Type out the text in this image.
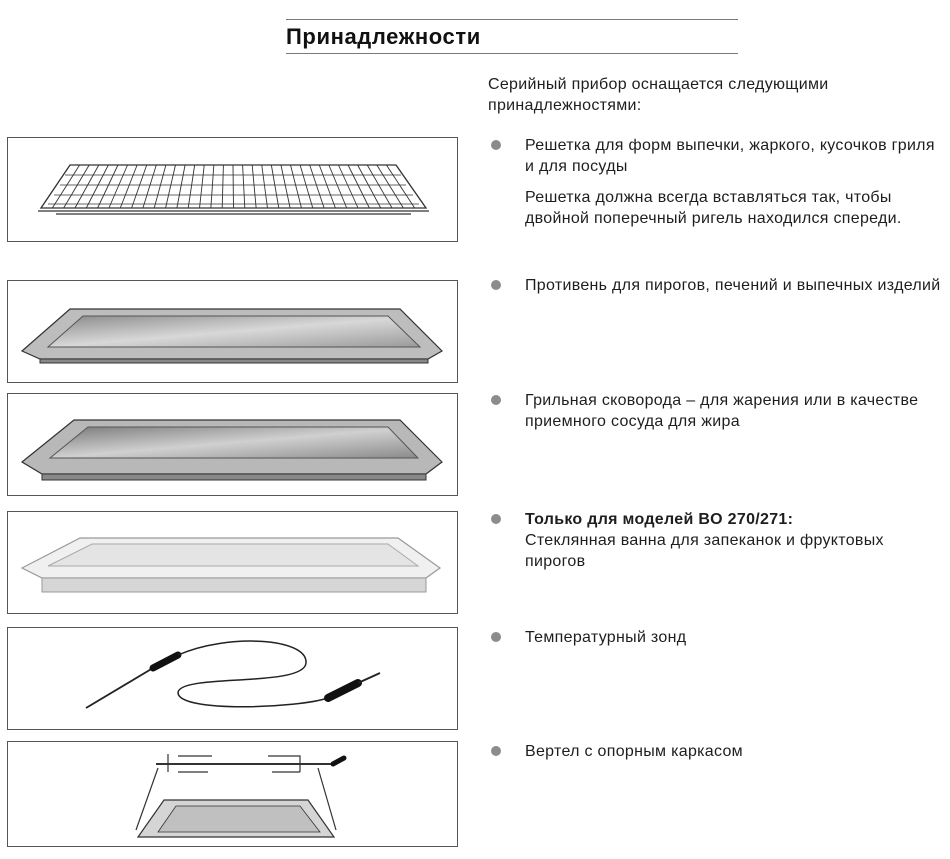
Принадлежности
Серийный прибор оснащается следующими принадлежностями:

Решетка для форм выпечки, жаркого, кусочков гриля и для посуды

Решетка должна всегда вставляться так, чтобы двойной поперечный ригель находился спереди.

Противень для пирогов, печений и выпечных изделий

Грильная сковорода – для жарения или в качестве приемного сосуда для жира

Только для моделей BO 270/271:
Стеклянная ванна для запеканок и фруктовых пирогов

Температурный зонд

Вертел с опорным каркасом
